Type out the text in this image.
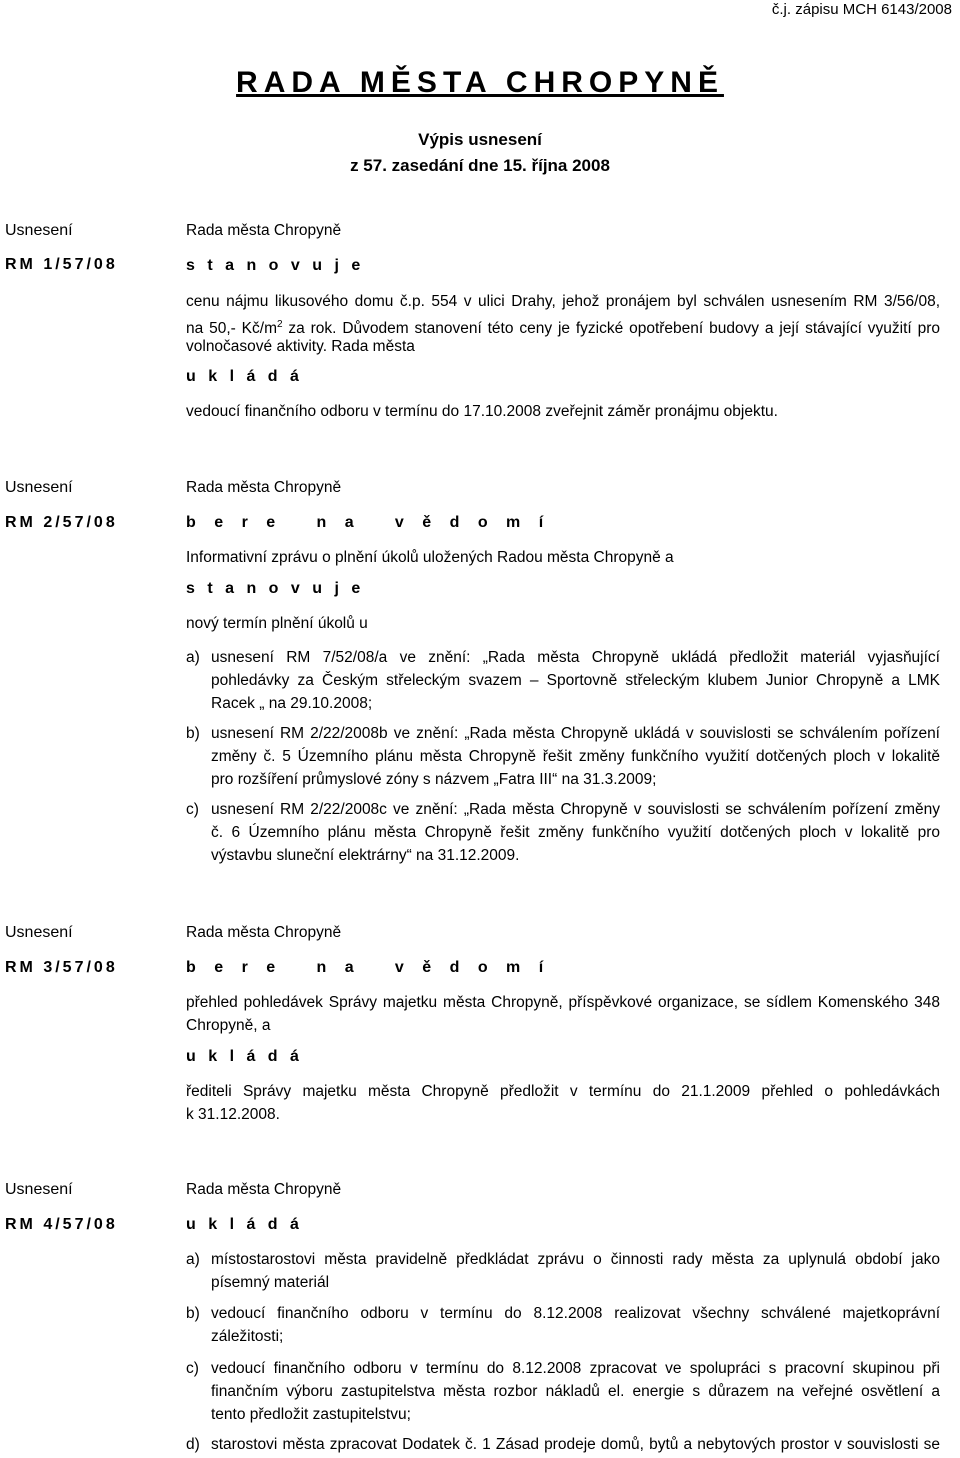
č.j. zápisu MCH 6143/2008
RADA MĚSTA CHROPYNĚ
Výpis usnesení
z 57. zasedání dne 15. října 2008
Usnesení
RM 1/57/08
Rada města Chropyně
s t a n o v u j e
cenu nájmu likusového domu č.p. 554 v ulici Drahy, jehož pronájem byl schválen usnesením RM 3/56/08,
na 50,- $Kč/m^2$ za rok. Důvodem stanovení této ceny je fyzické opotřebení budovy a její stávající využití pro
volnočasové aktivity. Rada města
u k l á d á
vedoucí finančního odboru v termínu do 17.10.2008 zveřejnit záměr pronájmu objektu.
Usnesení
RM 2/57/08
Rada města Chropyně
b e r e   n a   v ě d o m í
Informativní zprávu o plnění úkolů uložených Radou města Chropyně a
s t a n o v u j e
nový termín plnění úkolů u
a) usnesení RM 7/52/08/a ve znění: „Rada města Chropyně ukládá předložit materiál vyjasňující
pohledávky za Českým střeleckým svazem – Sportovně střeleckým klubem Junior Chropyně a LMK
Racek „ na 29.10.2008;
b) usnesení RM 2/22/2008b ve znění: „Rada města Chropyně ukládá v souvislosti se schválením pořízení
změny č. 5 Územního plánu města Chropyně řešit změny funkčního využití dotčených ploch v lokalitě
pro rozšíření průmyslové zóny s názvem „Fatra III“ na 31.3.2009;
c) usnesení RM 2/22/2008c ve znění: „Rada města Chropyně v souvislosti se schválením pořízení změny
č. 6 Územního plánu města Chropyně řešit změny funkčního využití dotčených ploch v lokalitě pro
výstavbu sluneční elektrárny“ na 31.12.2009.
Usnesení
RM 3/57/08
Rada města Chropyně
b e r e   n a   v ě d o m í
přehled pohledávek Správy majetku města Chropyně, příspěvkové organizace, se sídlem Komenského 348
Chropyně, a
u k l á d á
řediteli Správy majetku města Chropyně předložit v termínu do 21.1.2009 přehled o pohledávkách
k 31.12.2008.
Usnesení
RM 4/57/08
Rada města Chropyně
u k l á d á
a) místostarostovi města pravidelně předkládat zprávu o činnosti rady města za uplynulá období jako
písemný materiál
b) vedoucí finančního odboru v termínu do 8.12.2008 realizovat všechny schválené majetkoprávní
záležitosti;
c) vedoucí finančního odboru v termínu do 8.12.2008 zpracovat ve spolupráci s pracovní skupinou při
finančním výboru zastupitelstva města rozbor nákladů el. energie s důrazem na veřejné osvětlení a
tento předložit zastupitelstvu;
d) starostovi města zpracovat Dodatek č. 1 Zásad prodeje domů, bytů a nebytových prostor v souvislosti se
